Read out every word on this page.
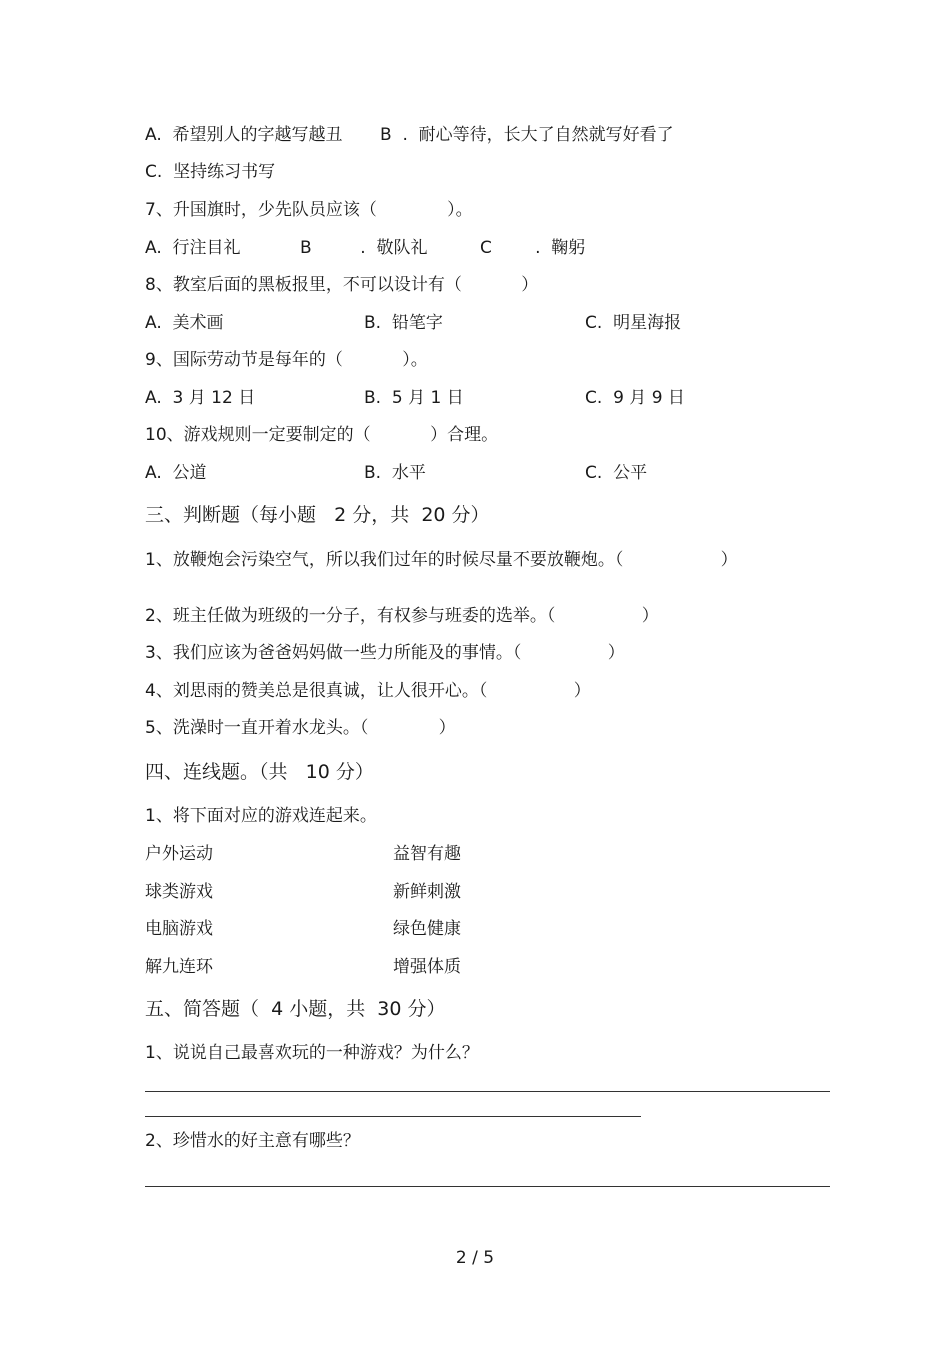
A.  希望别人的字越写越丑 B  .  耐心等待，长大了自然就写好看了
C.  坚持练习书写
7、升国旗时，少先队员应该（             ）。
A.  行注目礼	B         .  敬队礼	C        .  鞠躬
8、教室后面的黑板报里，不可以设计有（           ）
A.  美术画	B.  铅笔字	C.  明星海报
9、国际劳动节是每年的（           ）。
A.  3 月 12 日	B.  5 月 1 日	C.  9 月 9 日
10、游戏规则一定要制定的（           ）合理。
A.  公道	B.  水平	C.  公平
三、判断题（每小题   2 分，共  20 分）
1、放鞭炮会污染空气，所以我们过年的时候尽量不要放鞭炮。（                  ）
2、班主任做为班级的一分子，有权参与班委的选举。（                ）
3、我们应该为爸爸妈妈做一些力所能及的事情。（                ）
4、刘思雨的赞美总是很真诚，让人很开心。（                ）
5、洗澡时一直开着水龙头。（             ）
四、连线题。（共   10 分）
1、将下面对应的游戏连起来。
户外运动	益智有趣
球类游戏	新鲜刺激
电脑游戏	绿色健康
解九连环	增强体质
五、简答题（  4 小题，共  30 分）
1、说说自己最喜欢玩的一种游戏？为什么？
2、珍惜水的好主意有哪些？
2 / 5
